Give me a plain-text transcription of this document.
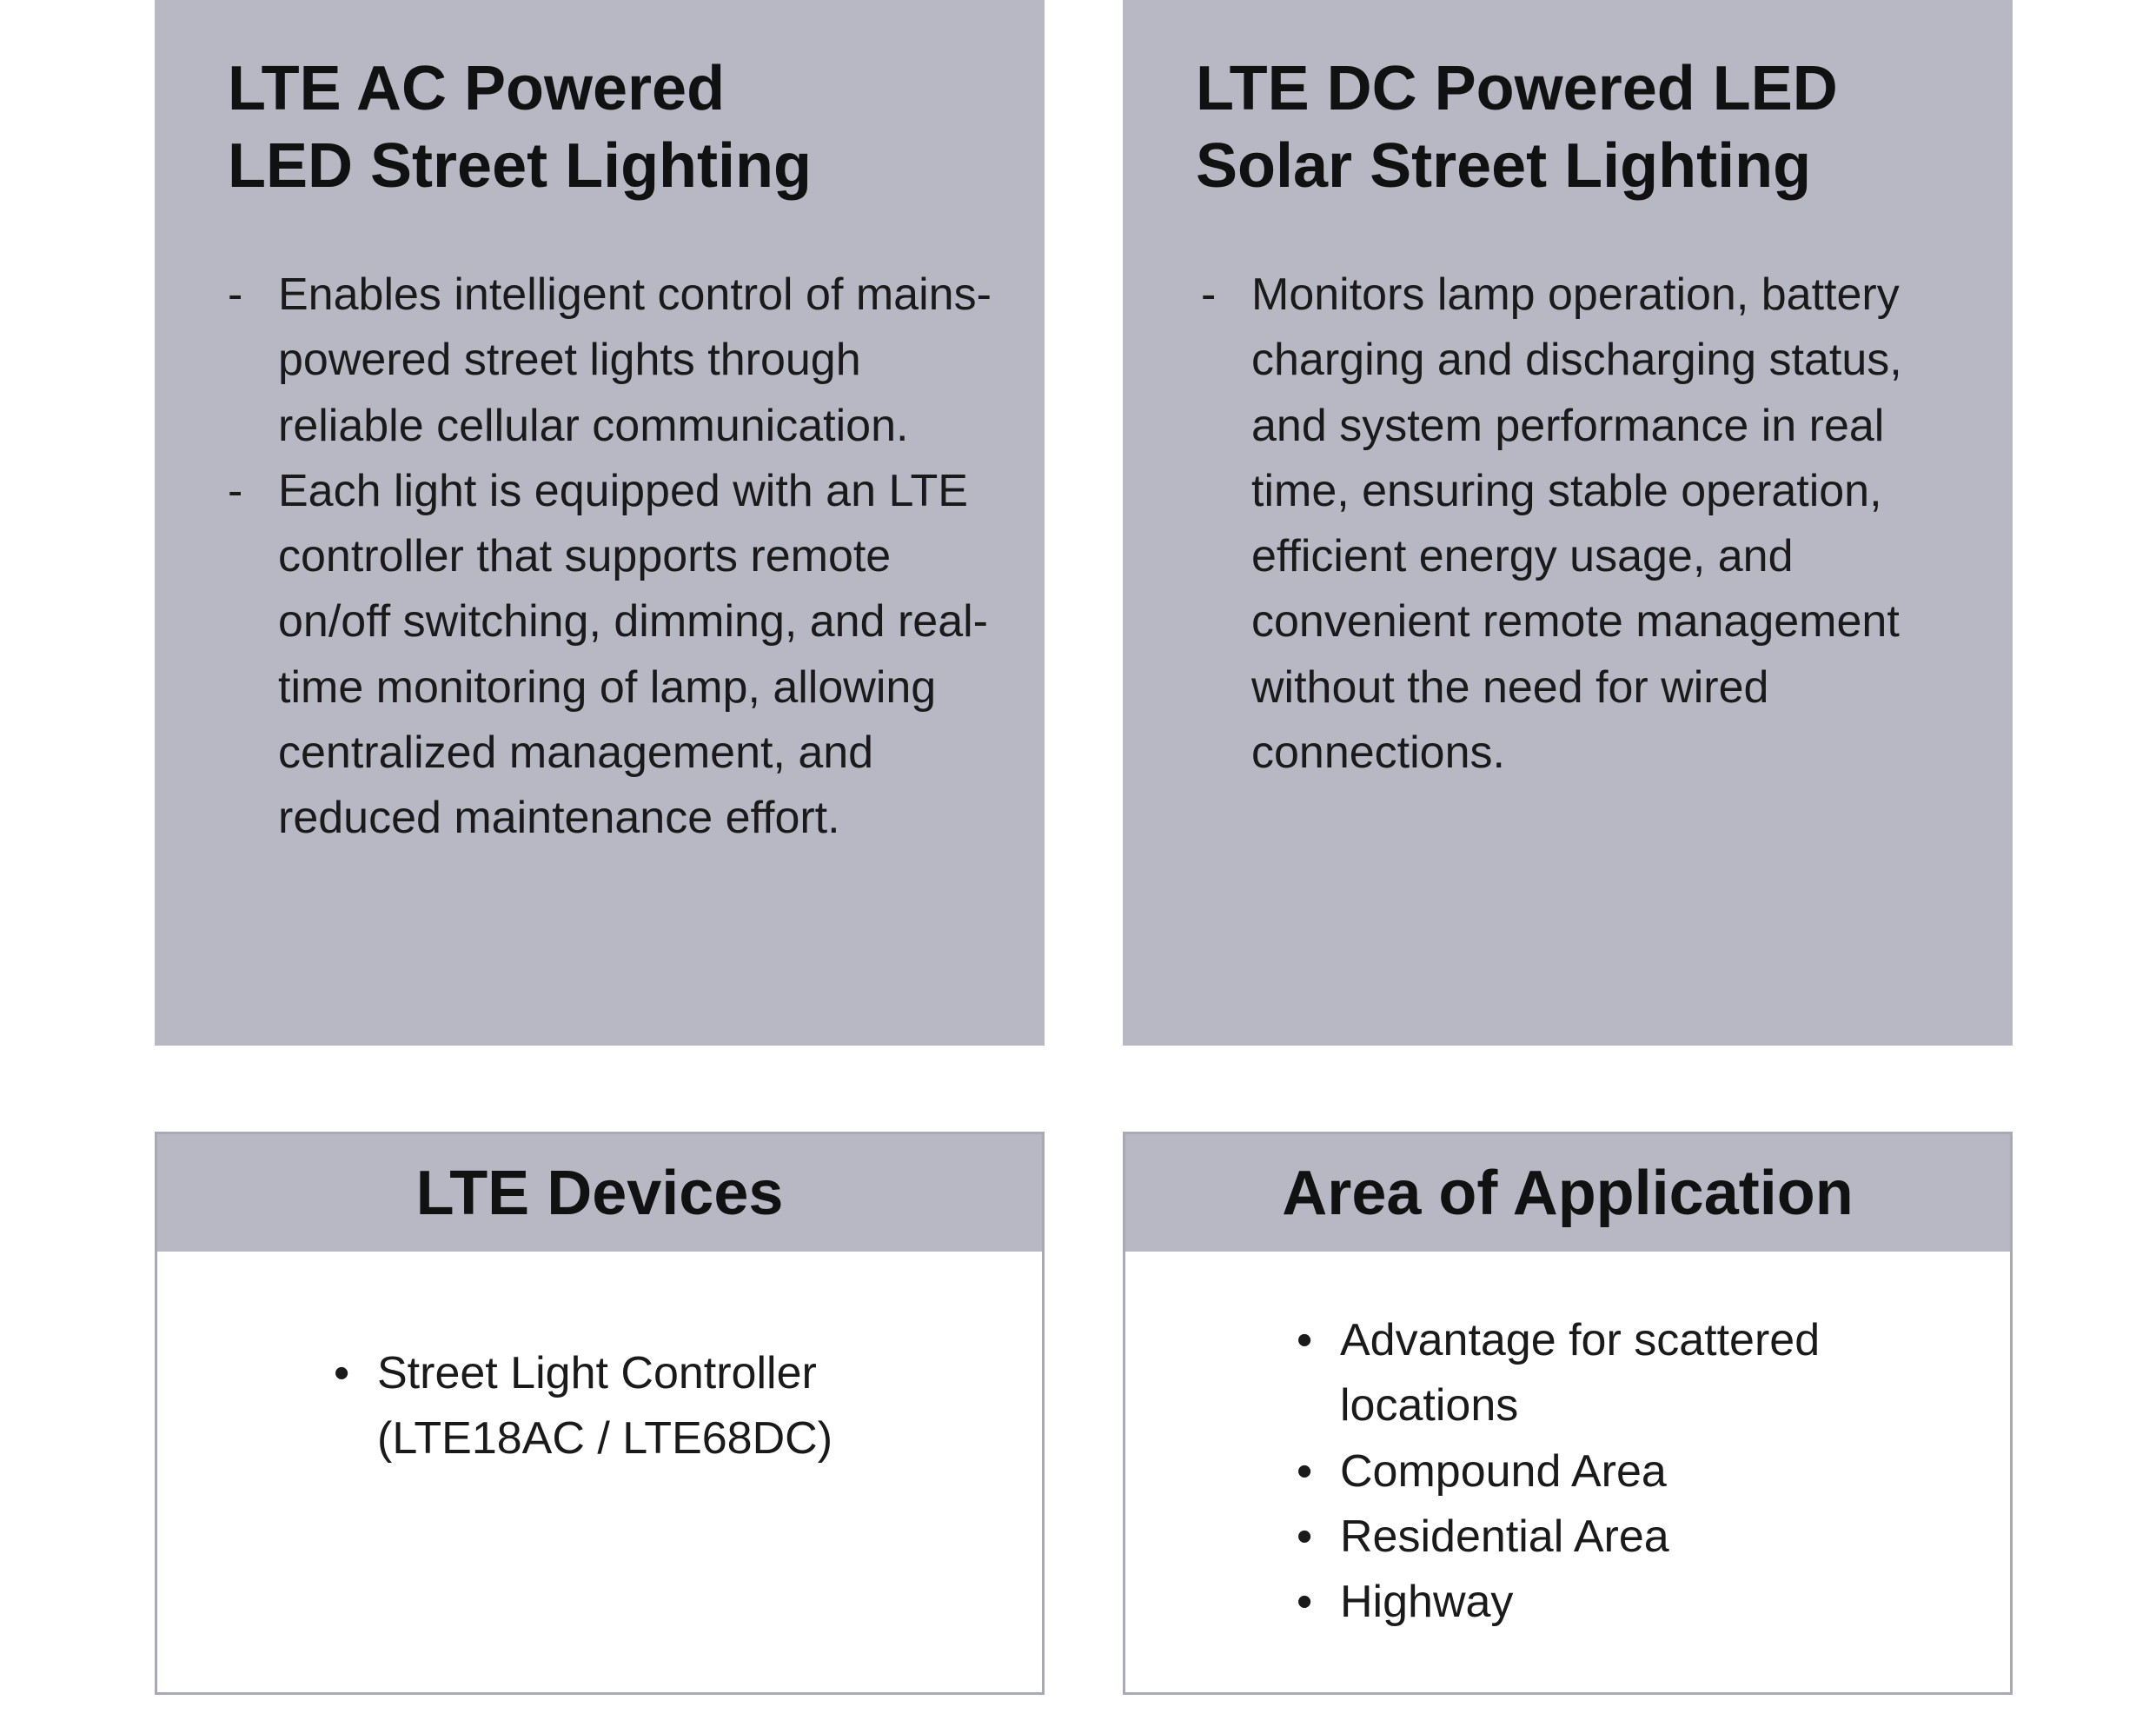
LTE AC Powered
LED Street Lighting
- Enables intelligent control of mains-powered street lights through reliable cellular communication.
- Each light is equipped with an LTE controller that supports remote on/off switching, dimming, and real-time monitoring of lamp, allowing centralized management, and reduced maintenance effort.
LTE DC Powered LED
Solar Street Lighting
- Monitors lamp operation, battery charging and discharging status, and system performance in real time, ensuring stable operation, efficient energy usage, and convenient remote management without the need for wired connections.
LTE Devices
• Street Light Controller (LTE18AC / LTE68DC)
Area of Application
• Advantage for scattered locations
• Compound Area
• Residential Area
• Highway
